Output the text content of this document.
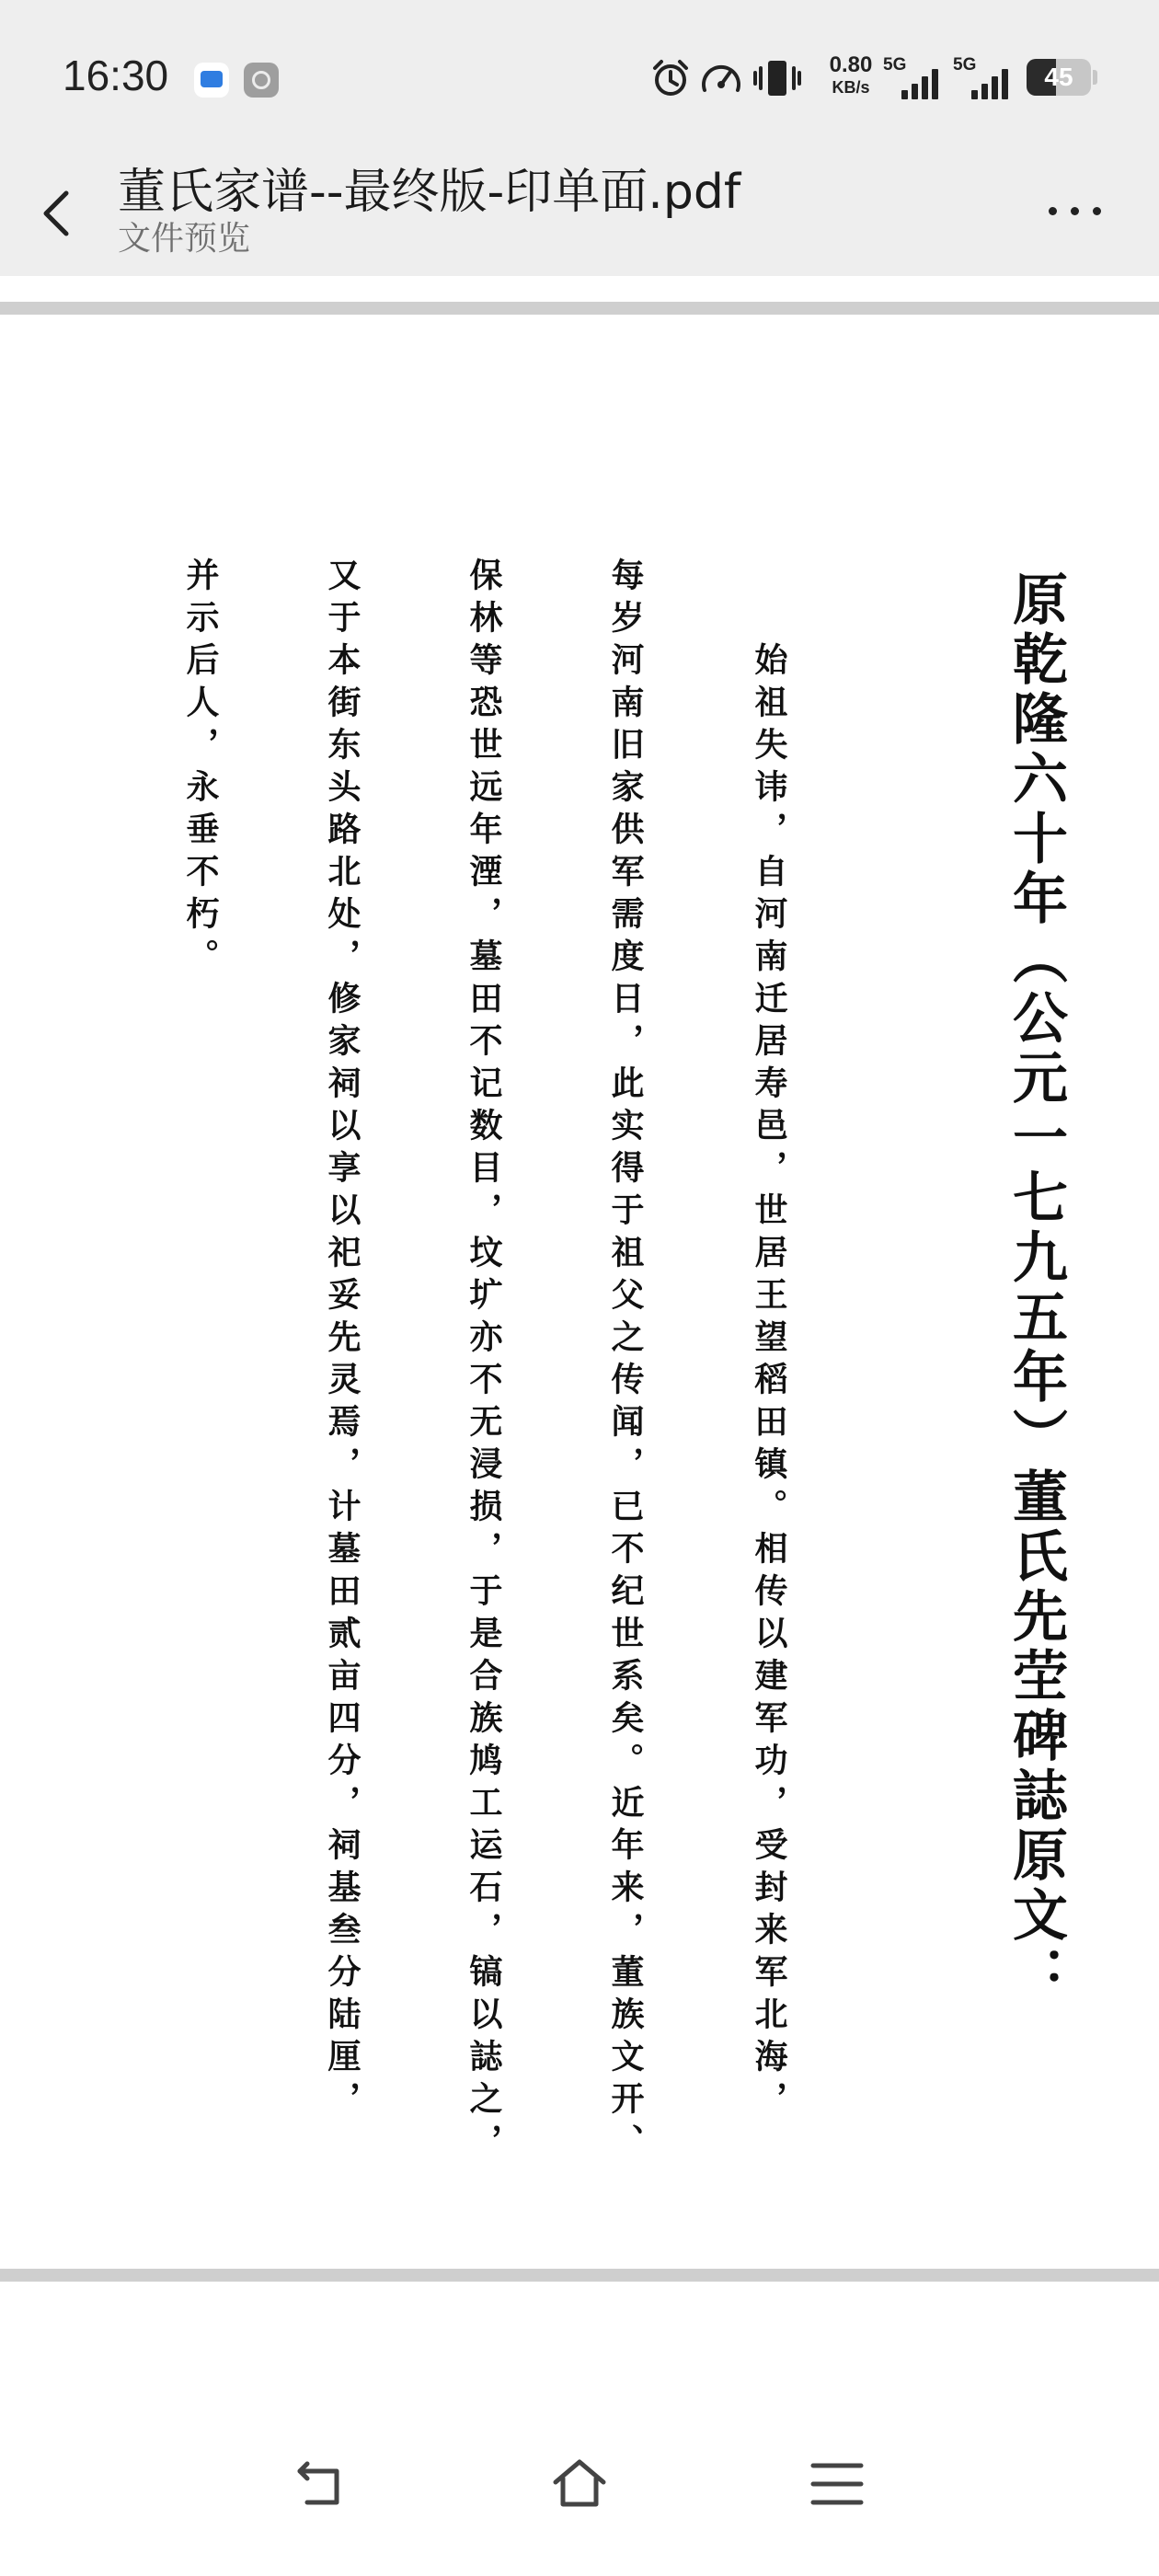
16:30	0.80
KB/s
5G	5G	45
董氏家谱--最终版-印单面.pdf
文件预览
原乾隆六十年（公元一七九五年）董氏先茔碑誌原文：
始祖失讳，自河南迁居寿邑，世居王望稻田镇。相传以建军功，受封来军北海，
每岁河南旧家供军需度日，此实得于祖父之传闻，已不纪世系矣。近年来，董族文开、
保林等恐世远年湮，墓田不记数目，坟圹亦不无浸损，于是合族鸠工运石，镐以誌之，
又于本街东头路北处，修家祠以享以祀妥先灵焉，计墓田贰亩四分，祠基叁分陆厘，
并示后人，永垂不朽。
